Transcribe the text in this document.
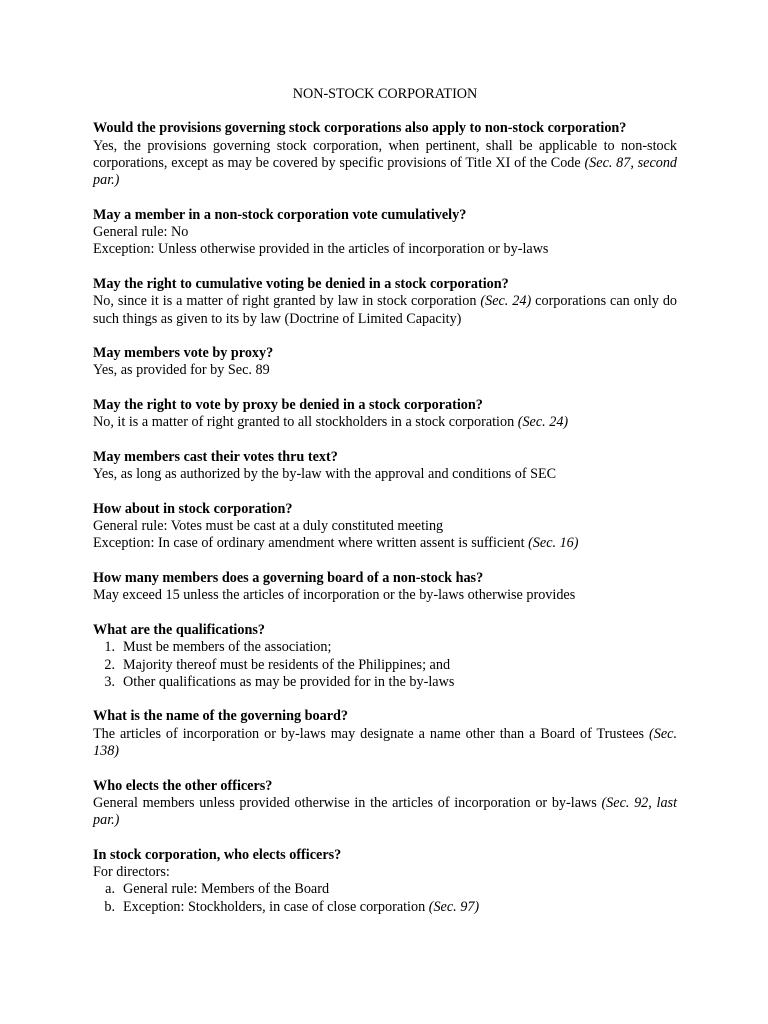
NON-STOCK CORPORATION
Would the provisions governing stock corporations also apply to non-stock corporation?
Yes, the provisions governing stock corporation, when pertinent, shall be applicable to non-stock corporations, except as may be covered by specific provisions of Title XI of the Code (Sec. 87, second par.)
May a member in a non-stock corporation vote cumulatively?
General rule: No
Exception: Unless otherwise provided in the articles of incorporation or by-laws
May the right to cumulative voting be denied in a stock corporation?
No, since it is a matter of right granted by law in stock corporation (Sec. 24) corporations can only do such things as given to its by law (Doctrine of Limited Capacity)
May members vote by proxy?
Yes, as provided for by Sec. 89
May the right to vote by proxy be denied in a stock corporation?
No, it is a matter of right granted to all stockholders in a stock corporation (Sec. 24)
May members cast their votes thru text?
Yes, as long as authorized by the by-law with the approval and conditions of SEC
How about in stock corporation?
General rule: Votes must be cast at a duly constituted meeting
Exception: In case of ordinary amendment where written assent is sufficient (Sec. 16)
How many members does a governing board of a non-stock has?
May exceed 15 unless the articles of incorporation or the by-laws otherwise provides
What are the qualifications?
1. Must be members of the association;
2. Majority thereof must be residents of the Philippines; and
3. Other qualifications as may be provided for in the by-laws
What is the name of the governing board?
The articles of incorporation or by-laws may designate a name other than a Board of Trustees (Sec. 138)
Who elects the other officers?
General members unless provided otherwise in the articles of incorporation or by-laws (Sec. 92, last par.)
In stock corporation, who elects officers?
For directors:
a. General rule: Members of the Board
b. Exception: Stockholders, in case of close corporation (Sec. 97)
